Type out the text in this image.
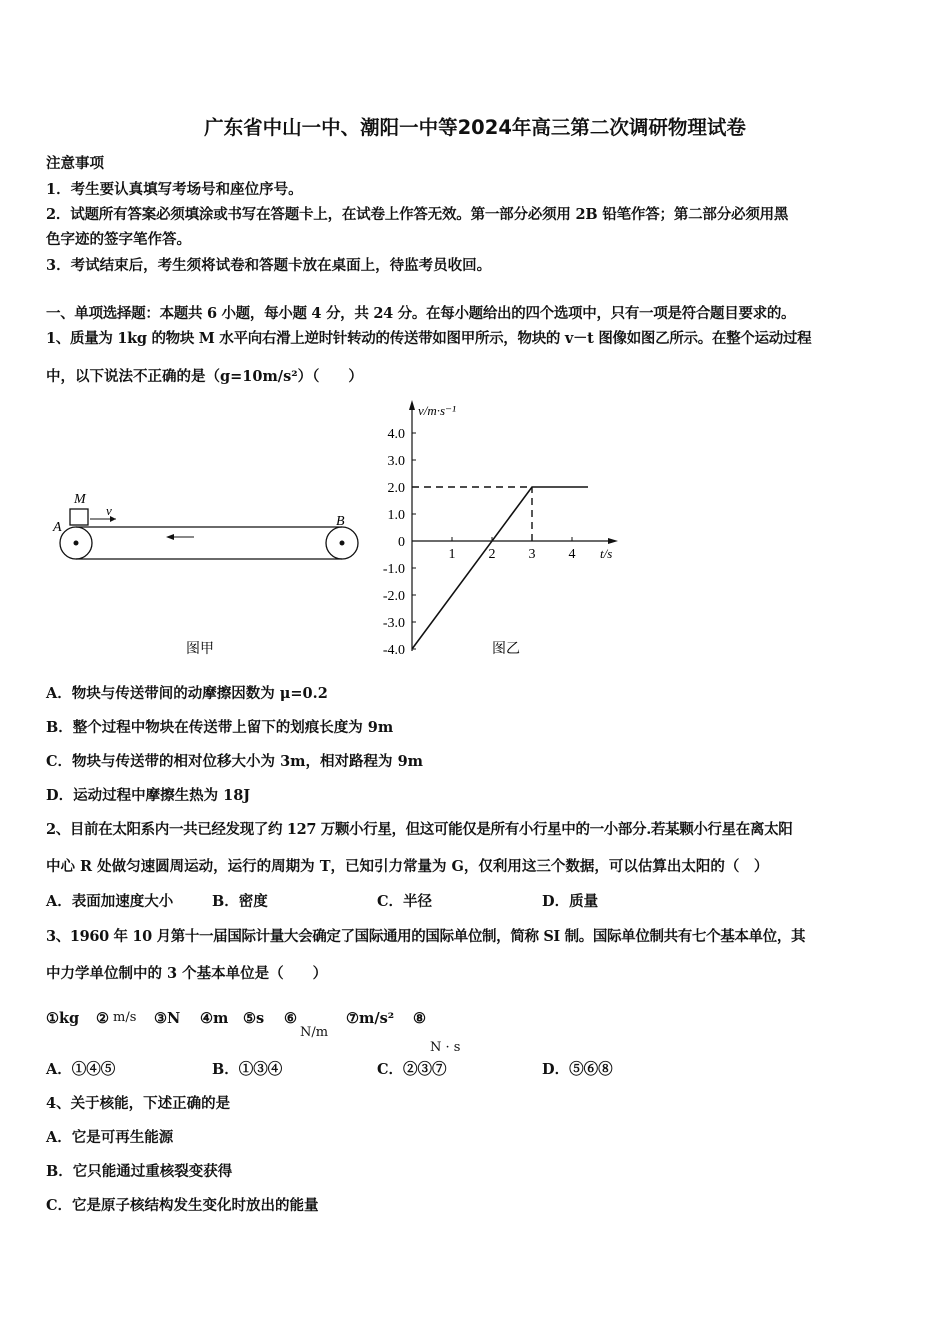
广东省中山一中、潮阳一中等2024年高三第二次调研物理试卷
注意事项
1．考生要认真填写考场号和座位序号。
2．试题所有答案必须填涂或书写在答题卡上，在试卷上作答无效。第一部分必须用 2B 铅笔作答；第二部分必须用黑
色字迹的签字笔作答。
3．考试结束后，考生须将试卷和答题卡放在桌面上，待监考员收回。
一、单项选择题：本题共 6 小题，每小题 4 分，共 24 分。在每小题给出的四个选项中，只有一项是符合题目要求的。
1、质量为 1kg 的物块 M 水平向右滑上逆时针转动的传送带如图甲所示，物块的 v－t 图像如图乙所示。在整个运动过程
中，以下说法不正确的是（g=10m/s²）（　　）
M
v
A	B
图甲
4.0
3.0
2.0
1.0
0
-1.0
-2.0
-3.0
-4.0
1 2 3 4
v/m·s⁻¹
t/s
图乙
A．物块与传送带间的动摩擦因数为 μ=0.2
B．整个过程中物块在传送带上留下的划痕长度为 9m
C．物块与传送带的相对位移大小为 3m，相对路程为 9m
D．运动过程中摩擦生热为 18J
2、目前在太阳系内一共已经发现了约 127 万颗小行星，但这可能仅是所有小行星中的一小部分.若某颗小行星在离太阳
中心 R 处做匀速圆周运动，运行的周期为 T，已知引力常量为 G，仅利用这三个数据，可以估算出太阳的（　）
A．表面加速度大小	B．密度	C．半径	D．质量
3、1960 年 10 月第十一届国际计量大会确定了国际通用的国际单位制，简称 SI 制。国际单位制共有七个基本单位，其
中力学单位制中的 3 个基本单位是（　　）
①kg ② m/s	③N ④m ⑤s ⑥
N/m
⑦m/s² ⑧
N · s
A．①④⑤	B．①③④	C．②③⑦	D．⑤⑥⑧
4、关于核能，下述正确的是
A．它是可再生能源
B．它只能通过重核裂变获得
C．它是原子核结构发生变化时放出的能量
